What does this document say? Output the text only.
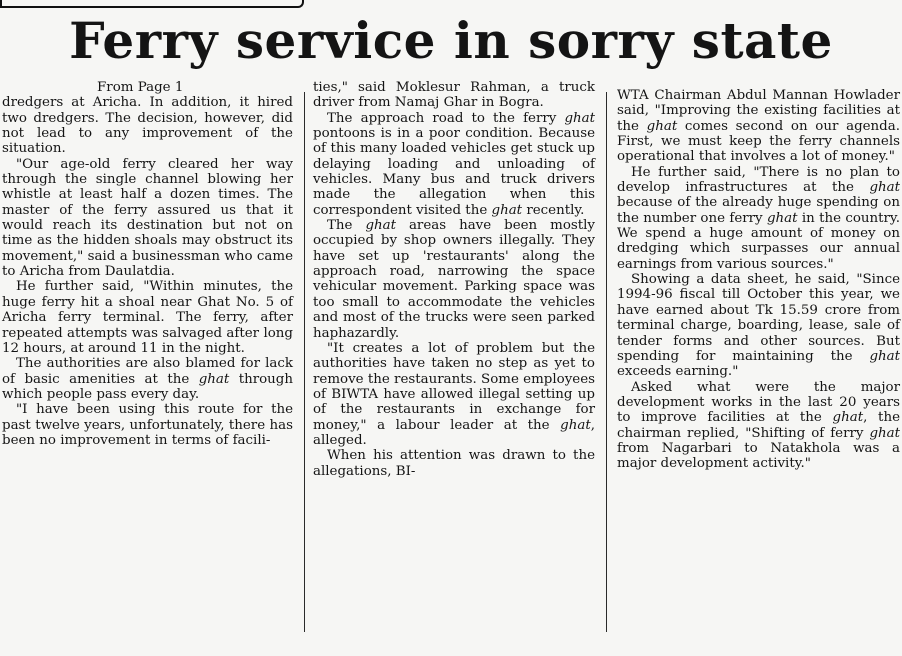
Ferry service in sorry state
From Page 1

dredgers at Aricha. In addition, it hired two dredgers. The decision, however, did not lead to any improvement of the situation.

"Our age-old ferry cleared her way through the single channel blowing her whistle at least half a dozen times. The master of the ferry assured us that it would reach its destination but not on time as the hidden shoals may obstruct its movement," said a businessman who came to Aricha from Daulatdia.

He further said, "Within minutes, the huge ferry hit a shoal near Ghat No. 5 of Aricha ferry terminal. The ferry, after repeated attempts was salvaged after long 12 hours, at around 11 in the night.

The authorities are also blamed for lack of basic amenities at the ghat through which people pass every day.

"I have been using this route for the past twelve years, unfortunately, there has been no improvement in terms of facili-

ties," said Moklesur Rahman, a truck driver from Namaj Ghar in Bogra.

The approach road to the ferry ghat pontoons is in a poor condition. Because of this many loaded vehicles get stuck up delaying loading and unloading of vehicles. Many bus and truck drivers made the allegation when this correspondent visited the ghat recently.

The ghat areas have been mostly occupied by shop owners illegally. They have set up 'restaurants' along the approach road, narrowing the space vehicular movement. Parking space was too small to accommodate the vehicles and most of the trucks were seen parked haphazardly.

"It creates a lot of problem but the authorities have taken no step as yet to remove the restaurants. Some employees of BIWTA have allowed illegal setting up of the restaurants in exchange for money," a labour leader at the ghat, alleged.

When his attention was drawn to the allegations, BI-

WTA Chairman Abdul Mannan Howlader said, "Improving the existing facilities at the ghat comes second on our agenda. First, we must keep the ferry channels operational that involves a lot of money."

He further said, "There is no plan to develop infrastructures at the ghat because of the already huge spending on the number one ferry ghat in the country. We spend a huge amount of money on dredging which surpasses our annual earnings from various sources."

Showing a data sheet, he said, "Since 1994-96 fiscal till October this year, we have earned about Tk 15.59 crore from terminal charge, boarding, lease, sale of tender forms and other sources. But spending for maintaining the ghat exceeds earning."

Asked what were the major development works in the last 20 years to improve facilities at the ghat, the chairman replied, "Shifting of ferry ghat from Nagarbari to Natakhola was a major development activity."
